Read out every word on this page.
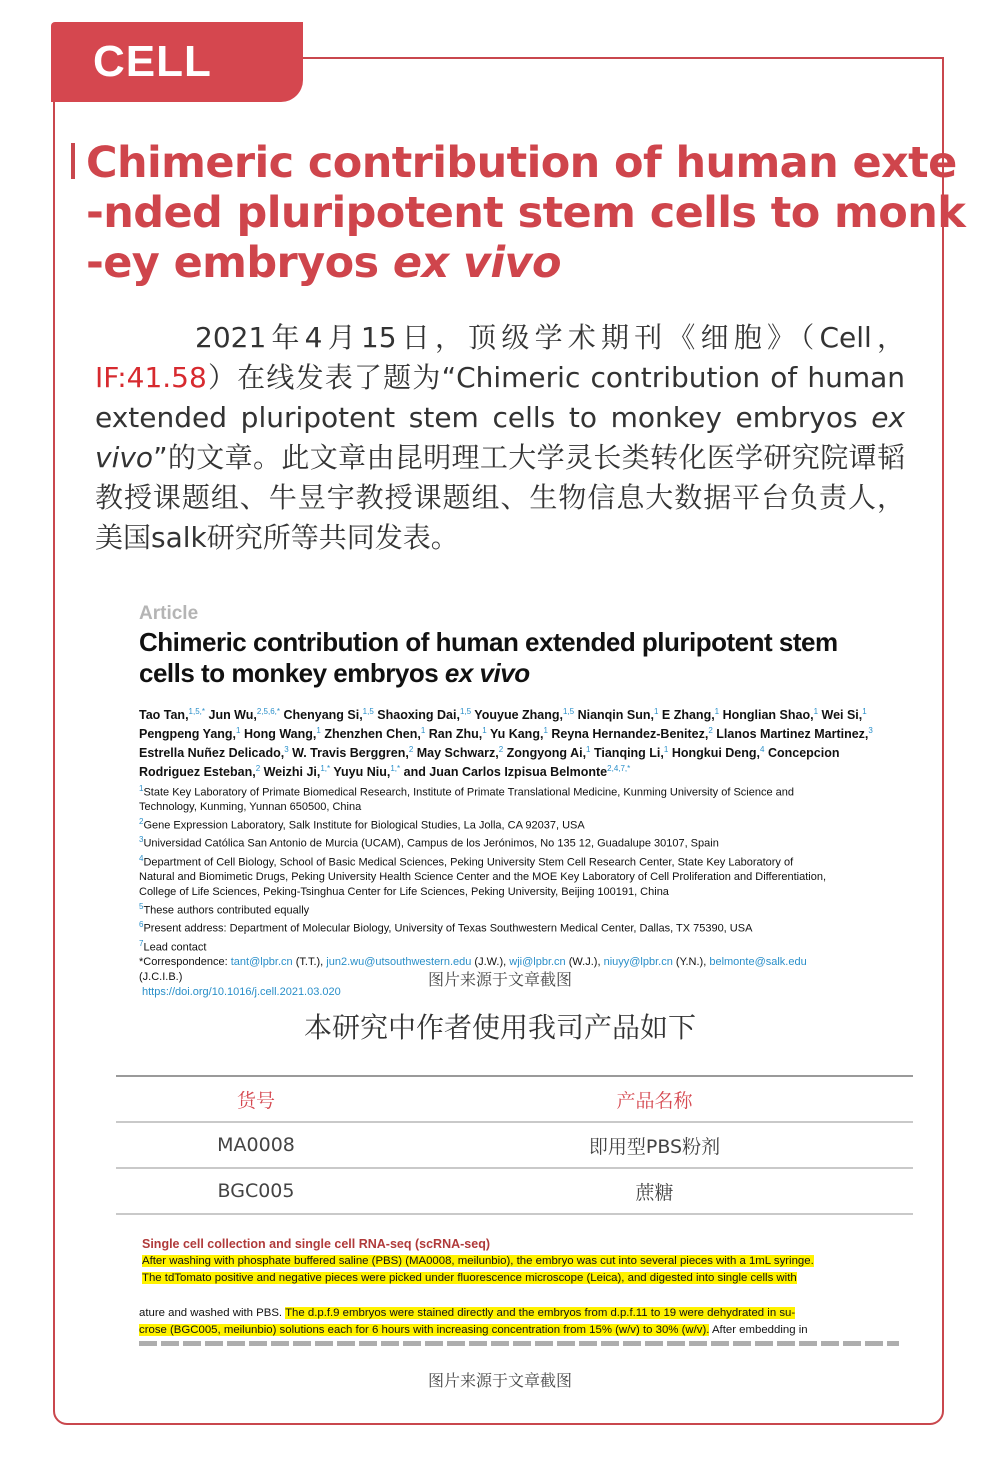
CELL
Chimeric contribution of human exte
-nded pluripotent stem cells to monk
-ey embryos ex vivo
2021年4月15日，顶级学术期刊《细胞》（Cell，IF:41.58）在线发表了题为“Chimeric contribution of human extended pluripotent stem cells to monkey embryos ex vivo”的文章。此文章由昆明理工大学灵长类转化医学研究院谭韬教授课题组、牛昱宇教授课题组、生物信息大数据平台负责人，美国salk研究所等共同发表。
Article
Chimeric contribution of human extended pluripotent stem cells to monkey embryos ex vivo
Tao Tan,$^{1,5,*}$ Jun Wu,$^{2,5,6,*}$ Chenyang Si,$^{1,5}$ Shaoxing Dai,$^{1,5}$ Youyue Zhang,$^{1,5}$ Nianqin Sun,$^1$ E Zhang,$^1$ Honglian Shao,$^1$ Wei Si,$^1$ Pengpeng Yang,$^1$ Hong Wang,$^1$ Zhenzhen Chen,$^1$ Ran Zhu,$^1$ Yu Kang,$^1$ Reyna Hernandez-Benitez,$^2$ Llanos Martinez Martinez,$^3$ Estrella Nuñez Delicado,$^3$ W. Travis Berggren,$^2$ May Schwarz,$^2$ Zongyong Ai,$^1$ Tianqing Li,$^1$ Hongkui Deng,$^4$ Concepcion Rodriguez Esteban,$^2$ Weizhi Ji,$^{1,*}$ Yuyu Niu,$^{1,*}$ and Juan Carlos Izpisua Belmonte$^{2,4,7,*}$
$^1$State Key Laboratory of Primate Biomedical Research, Institute of Primate Translational Medicine, Kunming University of Science and
Technology, Kunming, Yunnan 650500, China
$^2$Gene Expression Laboratory, Salk Institute for Biological Studies, La Jolla, CA 92037, USA
$^3$Universidad Católica San Antonio de Murcia (UCAM), Campus de los Jerónimos, No 135 12, Guadalupe 30107, Spain
$^4$Department of Cell Biology, School of Basic Medical Sciences, Peking University Stem Cell Research Center, State Key Laboratory of
Natural and Biomimetic Drugs, Peking University Health Science Center and the MOE Key Laboratory of Cell Proliferation and Differentiation,
College of Life Sciences, Peking-Tsinghua Center for Life Sciences, Peking University, Beijing 100191, China
$^5$These authors contributed equally
$^6$Present address: Department of Molecular Biology, University of Texas Southwestern Medical Center, Dallas, TX 75390, USA
$^7$Lead contact
*Correspondence: tant@lpbr.cn (T.T.), jun2.wu@utsouthwestern.edu (J.W.), wji@lpbr.cn (W.J.), niuyy@lpbr.cn (Y.N.), belmonte@salk.edu
(J.C.I.B.)
https://doi.org/10.1016/j.cell.2021.03.020
图片来源于文章截图
本研究中作者使用我司产品如下
货号	产品名称
MA0008	即用型PBS粉剂
BGC005	蔗糖
Single cell collection and single cell RNA-seq (scRNA-seq)
After washing with phosphate buffered saline (PBS) (MA0008, meilunbio), the embryo was cut into several pieces with a 1mL syringe.
The tdTomato positive and negative pieces were picked under fluorescence microscope (Leica), and digested into single cells with
ature and washed with PBS. The d.p.f.9 embryos were stained directly and the embryos from d.p.f.11 to 19 were dehydrated in su-
crose (BGC005, meilunbio) solutions each for 6 hours with increasing concentration from 15% (w/v) to 30% (w/v). After embedding in
图片来源于文章截图
